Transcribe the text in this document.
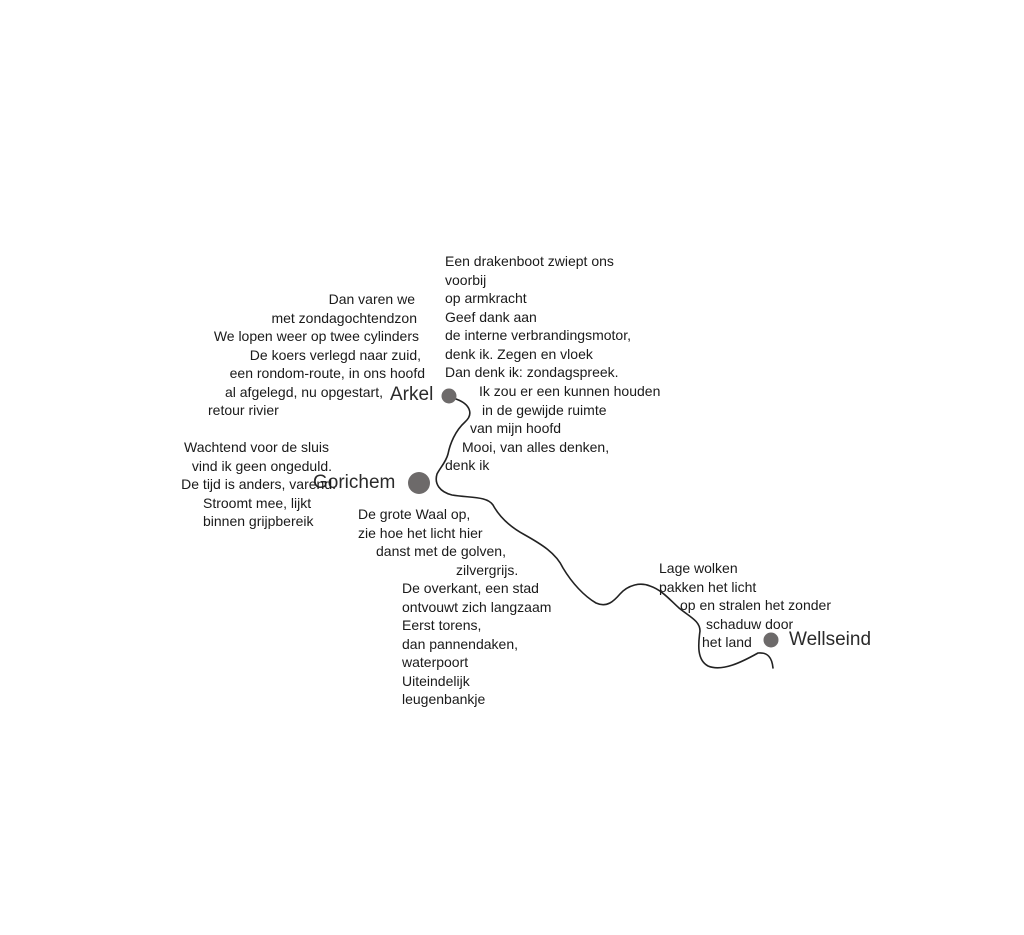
Arkel
Gorichem
Wellseind
Een drakenboot zwiept ons
voorbij
op armkracht
Geef dank aan
de interne verbrandingsmotor,
denk ik. Zegen en vloek
Dan denk ik: zondagspreek.
Dan varen we
met zondagochtendzon
We lopen weer op twee cylinders
De koers verlegd naar zuid,
een rondom-route, in ons hoofd
al afgelegd, nu opgestart,
retour rivier
Ik zou er een kunnen houden
in de gewijde ruimte
van mijn hoofd
Mooi, van alles denken,
denk ik
Wachtend voor de sluis
vind ik geen ongeduld.
De tijd is anders, varend.
Stroomt mee, lijkt
binnen grijpbereik	De grote Waal op,
zie hoe het licht hier
danst met de golven,
zilvergrijs.
De overkant, een stad
ontvouwt zich langzaam
Eerst torens,
dan pannendaken,
waterpoort
Uiteindelijk
leugenbankje
Lage wolken
pakken het licht
op en stralen het zonder
schaduw door
het land
